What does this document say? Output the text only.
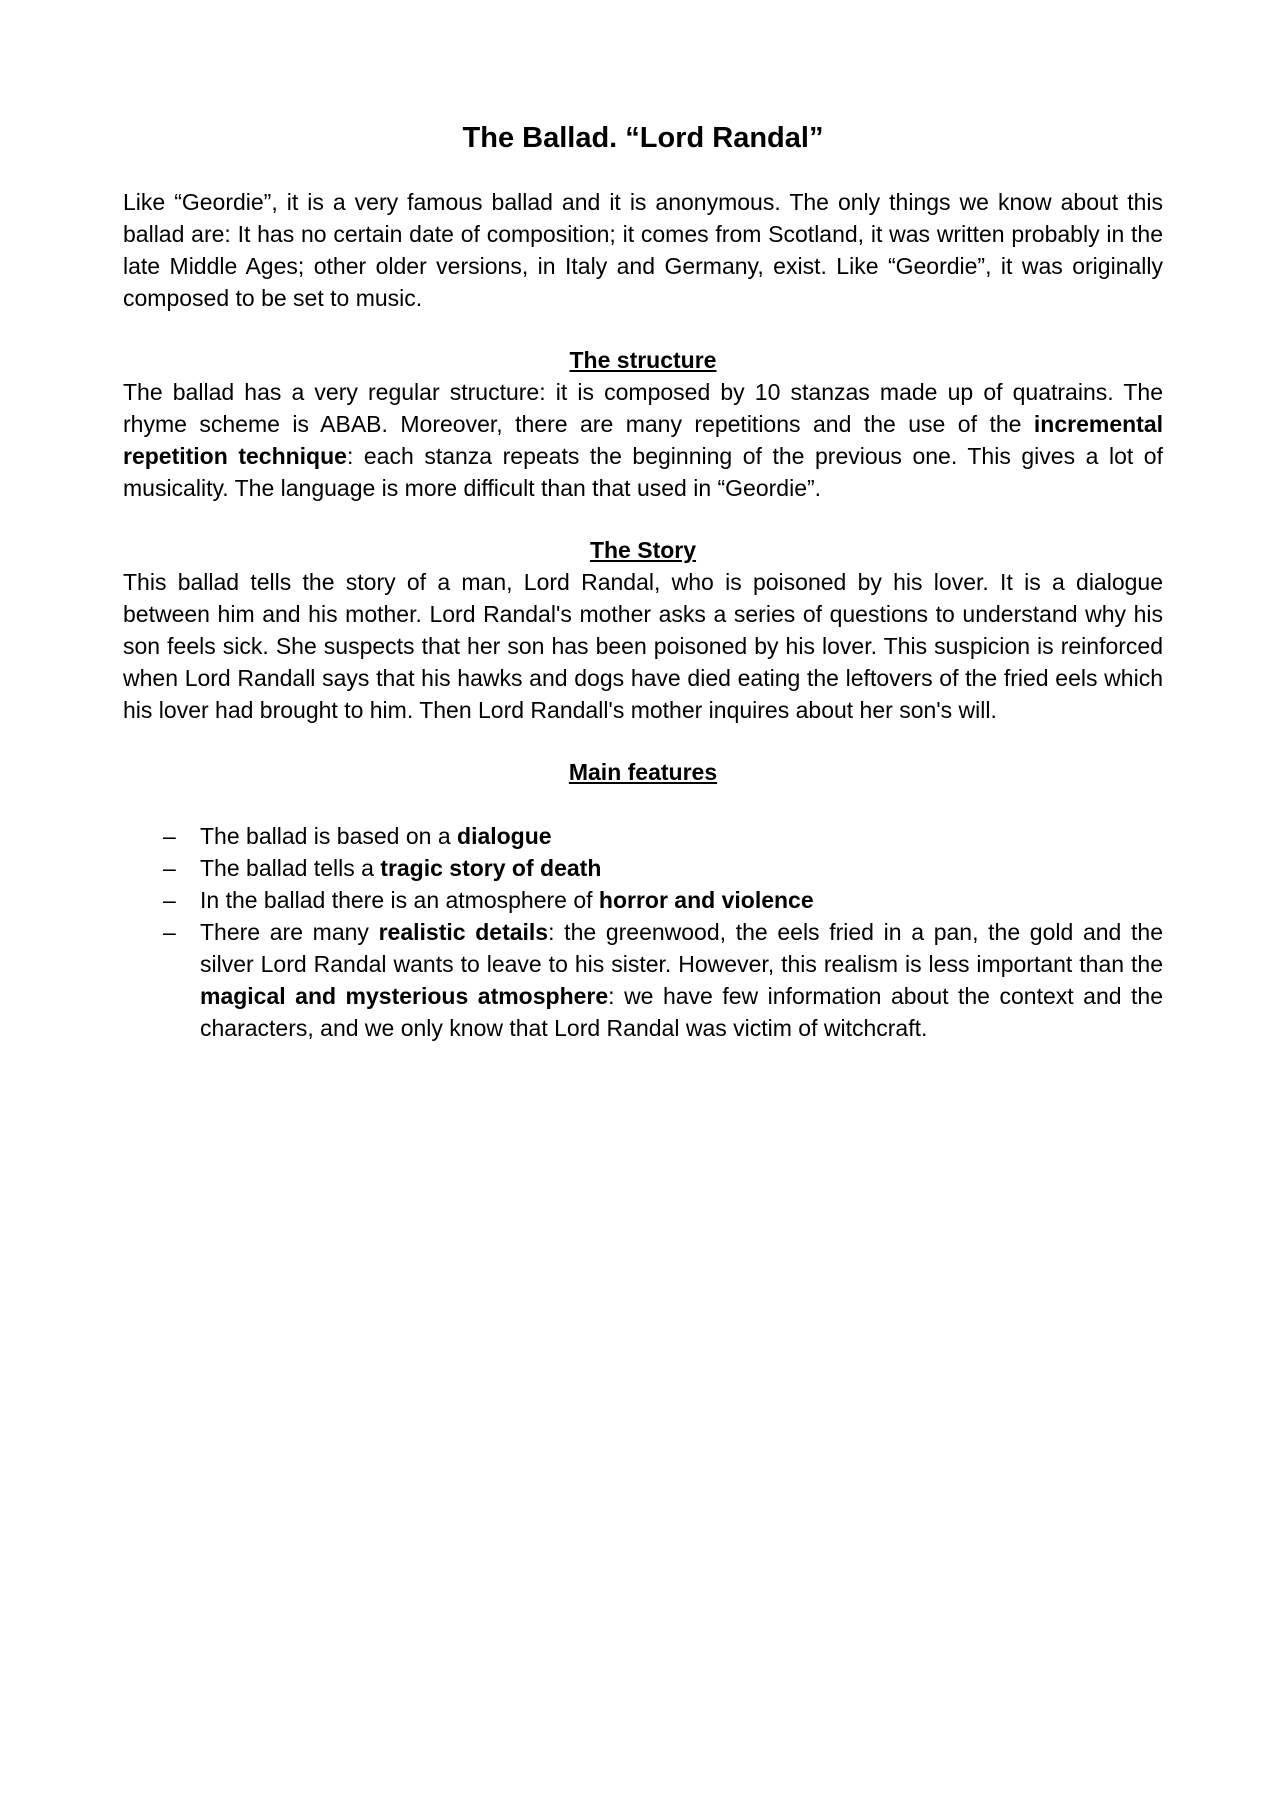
The Ballad. “Lord Randal”

Like “Geordie”, it is a very famous ballad and it is anonymous. The only things we know about this ballad are: It has no certain date of composition; it comes from Scotland, it was written probably in the late Middle Ages; other older versions, in Italy and Germany, exist. Like “Geordie”, it was originally composed to be set to music.

The structure

The ballad has a very regular structure: it is composed by 10 stanzas made up of quatrains. The rhyme scheme is ABAB. Moreover, there are many repetitions and the use of the incremental repetition technique: each stanza repeats the beginning of the previous one. This gives a lot of musicality. The language is more difficult than that used in “Geordie”.

The Story

This ballad tells the story of a man, Lord Randal, who is poisoned by his lover. It is a dialogue between him and his mother. Lord Randal's mother asks a series of questions to understand why his son feels sick. She suspects that her son has been poisoned by his lover. This suspicion is reinforced when Lord Randall says that his hawks and dogs have died eating the leftovers of the fried eels which his lover had brought to him. Then Lord Randall's mother inquires about her son's will.

Main features
– The ballad is based on a dialogue
– The ballad tells a tragic story of death
– In the ballad there is an atmosphere of horror and violence
– There are many realistic details: the greenwood, the eels fried in a pan, the gold and the silver Lord Randal wants to leave to his sister. However, this realism is less important than the magical and mysterious atmosphere: we have few information about the context and the characters, and we only know that Lord Randal was victim of witchcraft.
